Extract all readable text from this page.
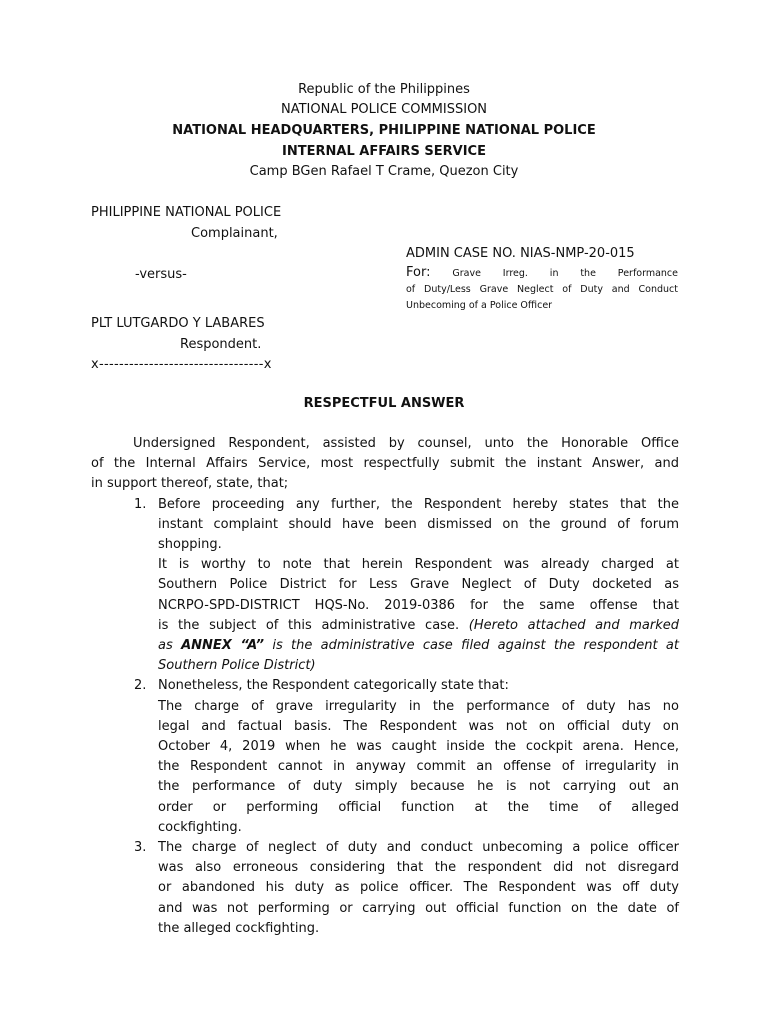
Republic of the Philippines
NATIONAL POLICE COMMISSION
NATIONAL HEADQUARTERS, PHILIPPINE NATIONAL POLICE
INTERNAL AFFAIRS SERVICE
Camp BGen Rafael T Crame, Quezon City
PHILIPPINE NATIONAL POLICE
Complainant,
ADMIN CASE NO. NIAS-NMP-20-015
-versus-	For: Grave Irreg. in the Performance
of Duty/Less Grave Neglect of Duty and Conduct
Unbecoming of a Police Officer
PLT LUTGARDO Y LABARES
Respondent.
x---------------------------------x
RESPECTFUL ANSWER
Undersigned Respondent, assisted by counsel, unto the Honorable Office
of the Internal Affairs Service, most respectfully submit the instant Answer, and
in support thereof, state, that;
1. Before proceeding any further, the Respondent hereby states that the
instant complaint should have been dismissed on the ground of forum
shopping.
It is worthy to note that herein Respondent was already charged at
Southern Police District for Less Grave Neglect of Duty docketed as
NCRPO-SPD-DISTRICT HQS-No. 2019-0386 for the same offense that
is the subject of this administrative case. (Hereto attached and marked
as ANNEX “A” is the administrative case filed against the respondent at
Southern Police District)
2. Nonetheless, the Respondent categorically state that:
The charge of grave irregularity in the performance of duty has no
legal and factual basis. The Respondent was not on official duty on
October 4, 2019 when he was caught inside the cockpit arena. Hence,
the Respondent cannot in anyway commit an offense of irregularity in
the performance of duty simply because he is not carrying out an
order or performing official function at the time of alleged
cockfighting.
3. The charge of neglect of duty and conduct unbecoming a police officer
was also erroneous considering that the respondent did not disregard
or abandoned his duty as police officer. The Respondent was off duty
and was not performing or carrying out official function on the date of
the alleged cockfighting.
